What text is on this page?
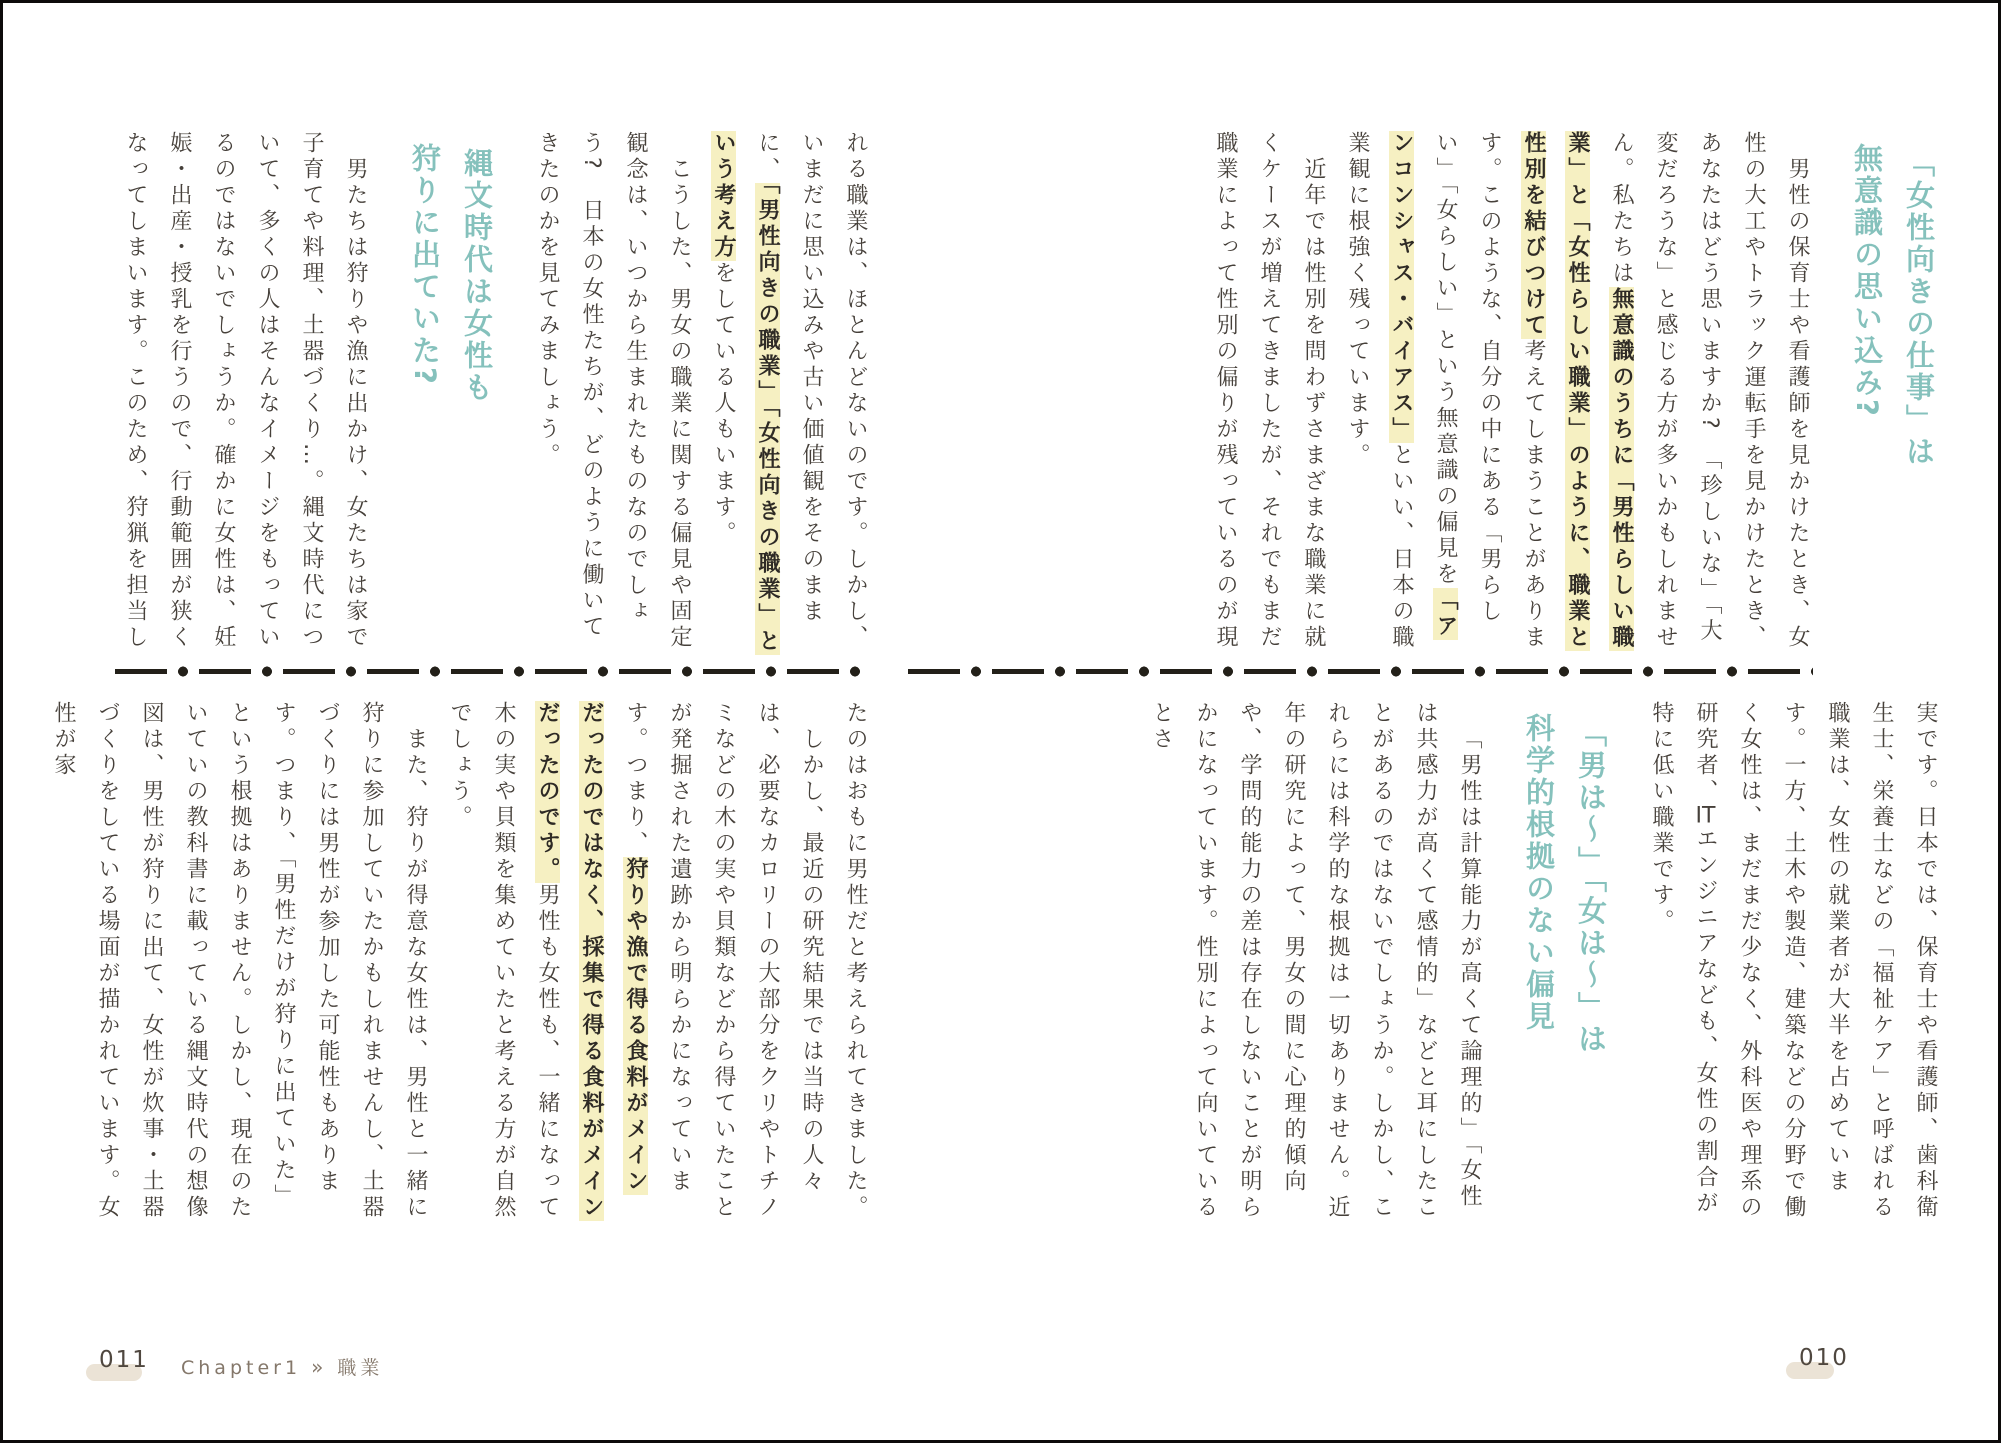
れる職業は、ほとんどないのです。しかし、いまだに思い込みや古い価値観をそのままに、「男性向きの職業」「女性向きの職業」という考え方をしている人もいます。

こうした、男女の職業に関する偏見や固定観念は、いつから生まれたものなのでしょう?　日本の女性たちが、どのように働いてきたのかを見てみましょう。

縄文時代は女性も
狩りに出ていた?

男たちは狩りや漁に出かけ、女たちは家で子育てや料理、土器づくり…。縄文時代について、多くの人はそんなイメージをもっているのではないでしょうか。確かに女性は、妊娠・出産・授乳を行うので、行動範囲が狭くなってしまいます。このため、狩猟を担当し

たのはおもに男性だと考えられてきました。

しかし、最近の研究結果では当時の人々は、必要なカロリーの大部分をクリやトチノミなどの木の実や貝類などから得ていたことが発掘された遺跡から明らかになっています。つまり、狩りや漁で得る食料がメインだったのではなく、採集で得る食料がメインだったのです。男性も女性も、一緒になって木の実や貝類を集めていたと考える方が自然でしょう。

また、狩りが得意な女性は、男性と一緒に狩りに参加していたかもしれませんし、土器づくりには男性が参加した可能性もあります。つまり、「男性だけが狩りに出ていた」という根拠はありません。しかし、現在のたいていの教科書に載っている縄文時代の想像図は、男性が狩りに出て、女性が炊事・土器づくりをしている場面が描かれています。女性が家

011 Chapter1 » 職業
「女性向きの仕事」は
無意識の思い込み?

男性の保育士や看護師を見かけたとき、女性の大工やトラック運転手を見かけたとき、あなたはどう思いますか?　「珍しいな」「大変だろうな」と感じる方が多いかもしれません。私たちは無意識のうちに「男性らしい職業」と「女性らしい職業」のように、職業と性別を結びつけて考えてしまうことがあります。このような、自分の中にある「男らしい」「女らしい」という無意識の偏見を「アンコンシャス・バイアス」といい、日本の職業観に根強く残っています。

近年では性別を問わずさまざまな職業に就くケースが増えてきましたが、それでもまだ職業によって性別の偏りが残っているのが現

実です。日本では、保育士や看護師、歯科衛生士、栄養士などの「福祉ケア」と呼ばれる職業は、女性の就業者が大半を占めています。一方、土木や製造、建築などの分野で働く女性は、まだまだ少なく、外科医や理系の研究者、ITエンジニアなども、女性の割合が特に低い職業です。

「男は〜」「女は〜」は
科学的根拠のない偏見

「男性は計算能力が高くて論理的」「女性は共感力が高くて感情的」などと耳にしたことがあるのではないでしょうか。しかし、これらには科学的な根拠は一切ありません。近年の研究によって、男女の間に心理的傾向や、学問的能力の差は存在しないことが明らかになっています。性別によって向いているとさ

010
